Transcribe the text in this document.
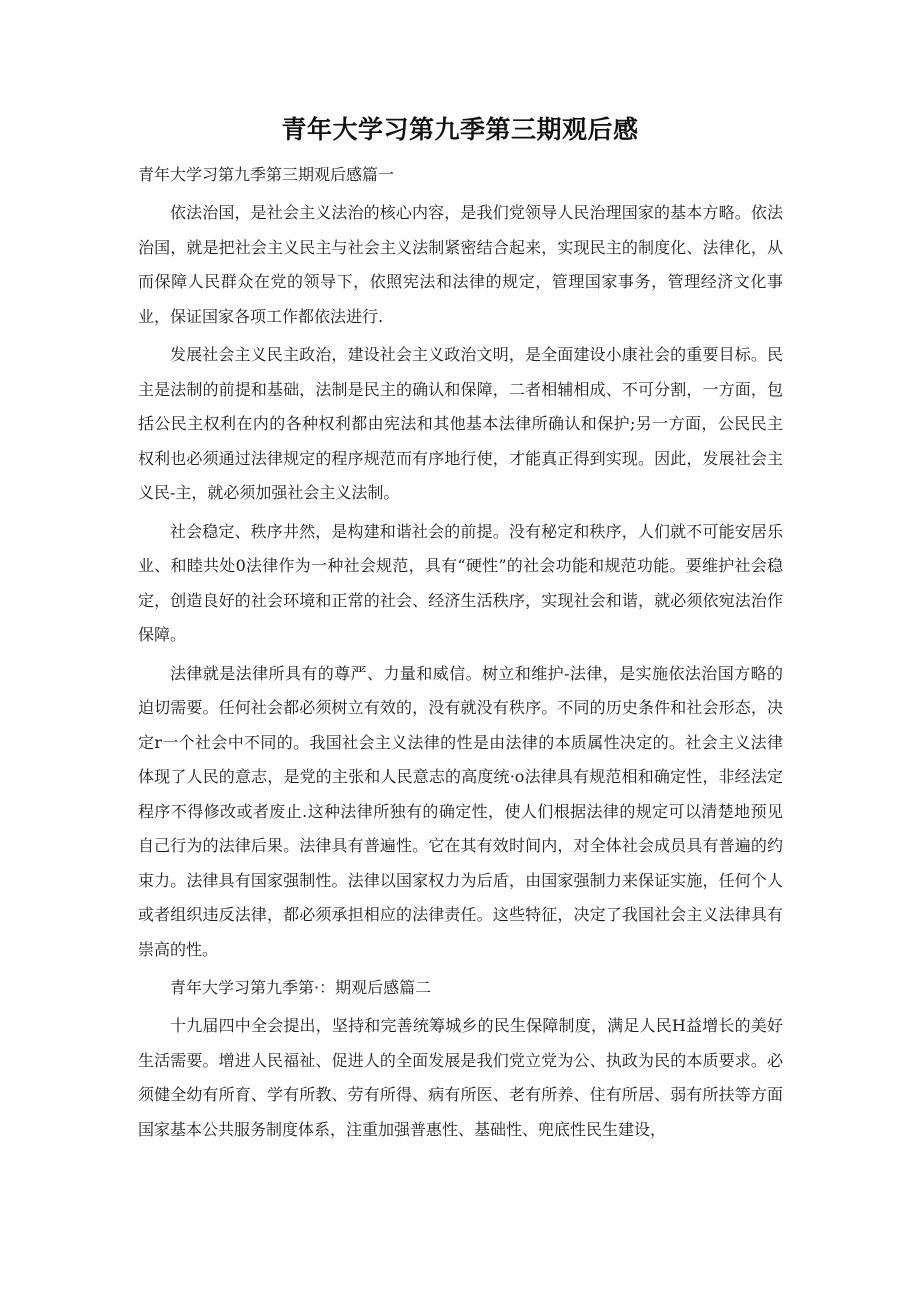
青年大学习第九季第三期观后感

青年大学习第九季第三期观后感篇一

依法治国，是社会主义法治的核心内容，是我们党领导人民治理国家的基本方略。依法治国，就是把社会主义民主与社会主义法制紧密结合起来，实现民主的制度化、法律化，从而保障人民群众在党的领导下，依照宪法和法律的规定，管理国家事务，管理经济文化事业，保证国家各项工作都依法进行.

发展社会主义民主政治，建设社会主义政治文明，是全面建设小康社会的重要目标。民主是法制的前提和基础，法制是民主的确认和保障，二者相辅相成、不可分割，一方面，包括公民主权利在内的各种权利都由宪法和其他基本法律所确认和保护;另一方面，公民民主权利也必须通过法律规定的程序规范而有序地行使，才能真正得到实现。因此，发展社会主义民-主，就必须加强社会主义法制。

社会稳定、秩序井然，是构建和谐社会的前提。没有秘定和秩序，人们就不可能安居乐业、和睦共处0法律作为一种社会规范，具有“硬性”的社会功能和规范功能。要维护社会稳定，创造良好的社会环境和正常的社会、经济生活秩序，实现社会和谐，就必须依宛法治作保障。

法律就是法律所具有的尊严、力量和威信。树立和维护-法律，是实施依法治国方略的迫切需要。任何社会都必须树立有效的，没有就没有秩序。不同的历史条件和社会形态，决定r一个社会中不同的。我国社会主义法律的性是由法律的本质属性决定的。社会主义法律体现了人民的意志，是党的主张和人民意志的高度统·o法律具有规范相和确定性，非经法定程序不得修改或者废止.这种法律所独有的确定性，使人们根据法律的规定可以清楚地预见自己行为的法律后果。法律具有普遍性。它在其有效时间内，对全体社会成员具有普遍的约束力。法律具有国家强制性。法律以国家权力为后盾，由国家强制力来保证实施，任何个人或者组织违反法律，都必须承担相应的法律责任。这些特征，决定了我国社会主义法律具有崇高的性。

青年大学习第九季第·：期观后感篇二

十九届四中全会提出，坚持和完善统筹城乡的民生保障制度，满足人民H益增长的美好生活需要。增进人民福祉、促进人的全面发展是我们党立党为公、执政为民的本质要求。必须健全幼有所育、学有所教、劳有所得、病有所医、老有所养、住有所居、弱有所扶等方面国家基本公共服务制度体系，注重加强普惠性、基础性、兜底性民生建设，
